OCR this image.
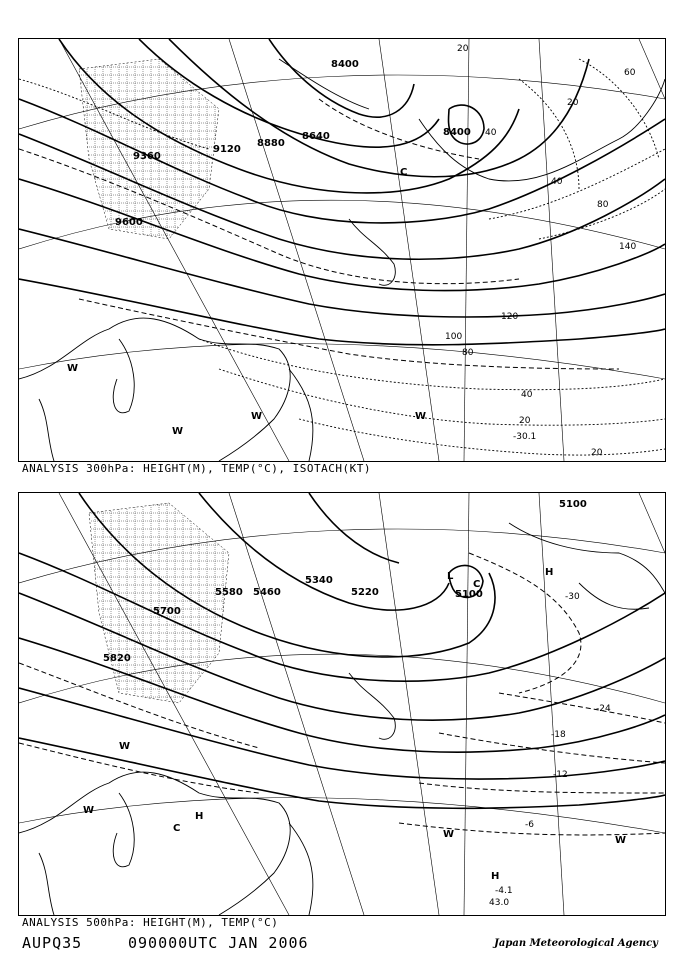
8400
8640
8880
9120
9360
9600
8400
20
40
60
80
100
120
140
80
40
20
20
40
20
W
W
W
C
W
-30.1
ANALYSIS 300hPa: HEIGHT(M), TEMP(°C), ISOTACH(KT)
5100
5220
5340
5460
5580
5700
5820
5100	-30
-24
-18
-12
-6
L
C
H
W
W
C
H
W
W
H
-4.1
43.0
ANALYSIS 500hPa: HEIGHT(M), TEMP(°C)
AUPQ35	090000UTC JAN 2006	Japan Meteorological Agency
